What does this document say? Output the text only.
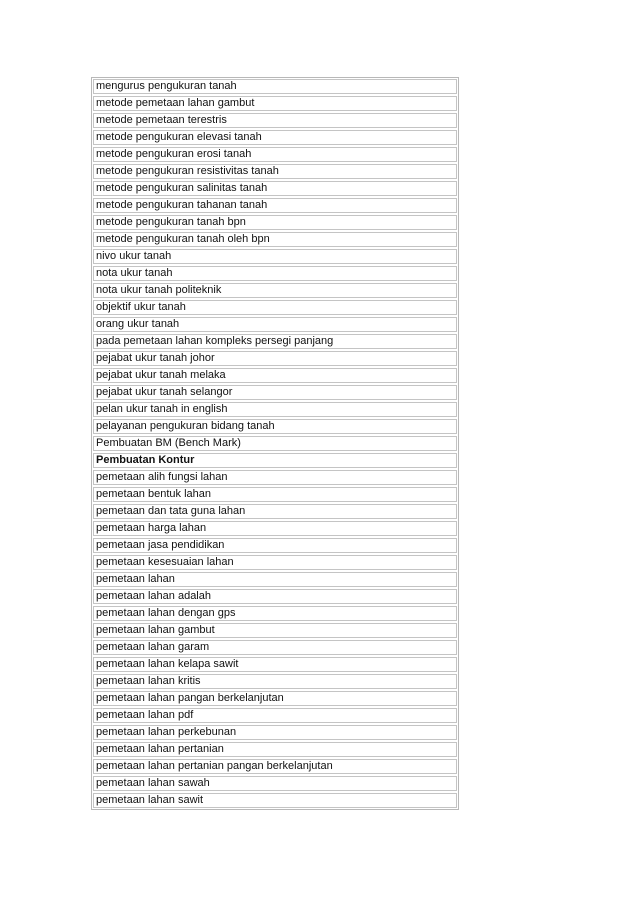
mengurus pengukuran tanah
metode pemetaan lahan gambut
metode pemetaan terestris
metode pengukuran elevasi tanah
metode pengukuran erosi tanah
metode pengukuran resistivitas tanah
metode pengukuran salinitas tanah
metode pengukuran tahanan tanah
metode pengukuran tanah bpn
metode pengukuran tanah oleh bpn
nivo ukur tanah
nota ukur tanah
nota ukur tanah politeknik
objektif ukur tanah
orang ukur tanah
pada pemetaan lahan kompleks persegi panjang
pejabat ukur tanah johor
pejabat ukur tanah melaka
pejabat ukur tanah selangor
pelan ukur tanah in english
pelayanan pengukuran bidang tanah
Pembuatan BM (Bench Mark)
Pembuatan Kontur
pemetaan alih fungsi lahan
pemetaan bentuk lahan
pemetaan dan tata guna lahan
pemetaan harga lahan
pemetaan jasa pendidikan
pemetaan kesesuaian lahan
pemetaan lahan
pemetaan lahan adalah
pemetaan lahan dengan gps
pemetaan lahan gambut
pemetaan lahan garam
pemetaan lahan kelapa sawit
pemetaan lahan kritis
pemetaan lahan pangan berkelanjutan
pemetaan lahan pdf
pemetaan lahan perkebunan
pemetaan lahan pertanian
pemetaan lahan pertanian pangan berkelanjutan
pemetaan lahan sawah
pemetaan lahan sawit
